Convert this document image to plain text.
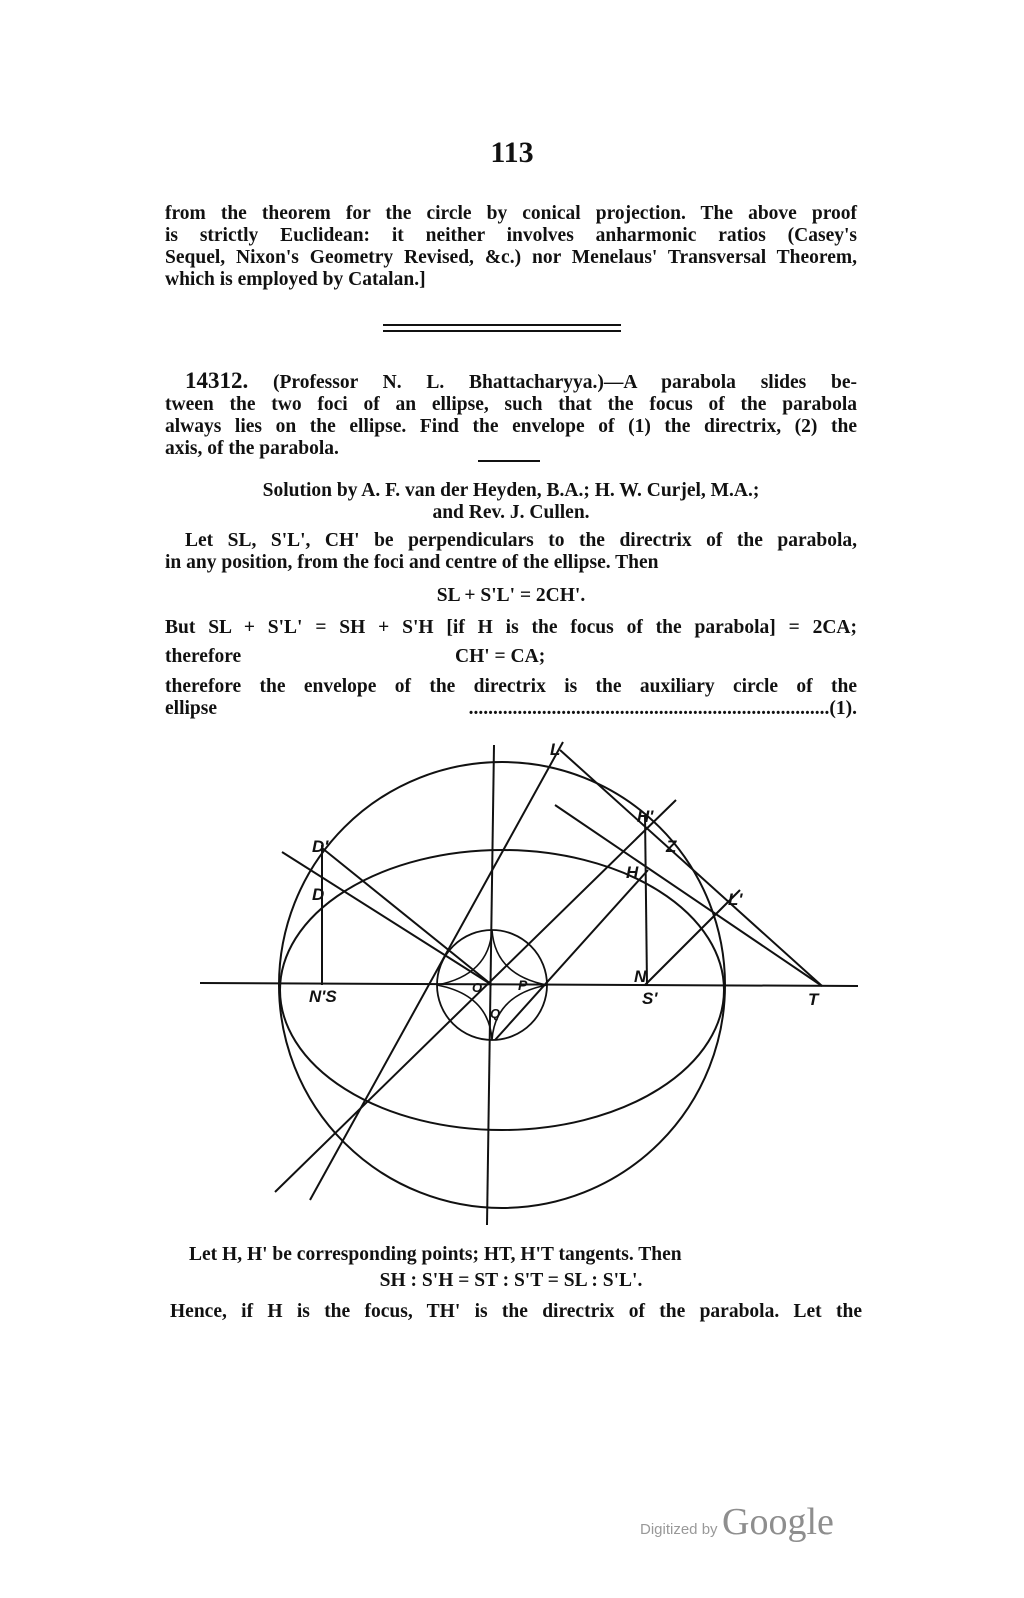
113
from the theorem for the circle by conical projection. The above proof
is strictly Euclidean: it neither involves anharmonic ratios (Casey's
Sequel, Nixon's Geometry Revised, &c.) nor Menelaus' Transversal Theorem,
which is employed by Catalan.]
14312. (Professor N. L. Bhattacharyya.)—A parabola slides be-
tween the two foci of an ellipse, such that the focus of the parabola
always lies on the ellipse. Find the envelope of (1) the directrix, (2) the
axis, of the parabola.
Solution by A. F. van der Heyden, B.A.; H. W. Curjel, M.A.;
and Rev. J. Cullen.
Let SL, S'L', CH' be perpendiculars to the directrix of the parabola,
in any position, from the foci and centre of the ellipse. Then
SL + S'L' = 2CH'.
But SL + S'L' = SH + S'H [if H is the focus of the parabola] = 2CA;
therefore	CH' = CA;
therefore the envelope of the directrix is the auxiliary circle of the
ellipse ..........................................................................(1).
L
H'
Z
H
L'
D'
D
N'S	O	P
Q
N
S'	T
Let H, H' be corresponding points; HT, H'T tangents. Then
SH : S'H = ST : S'T = SL : S'L'.
Hence, if H is the focus, TH' is the directrix of the parabola. Let the
Digitized by Google
